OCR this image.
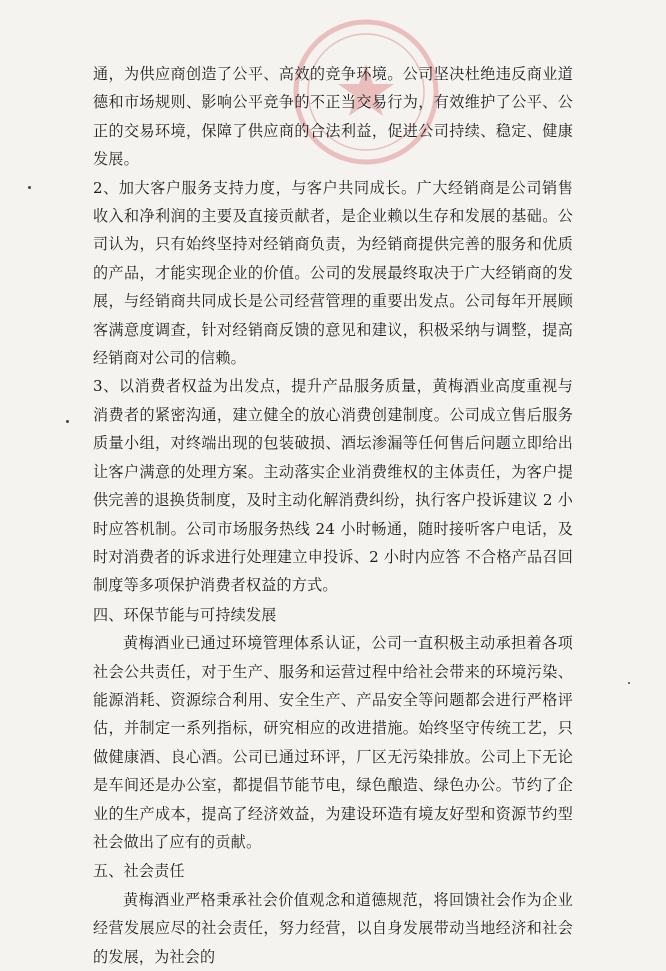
通，为供应商创造了公平、高效的竞争环境。公司坚决杜绝违反商业道德和市场规则、影响公平竞争的不正当交易行为，有效维护了公平、公正的交易环境，保障了供应商的合法利益，促进公司持续、稳定、健康发展。

2、加大客户服务支持力度，与客户共同成长。广大经销商是公司销售收入和净利润的主要及直接贡献者，是企业赖以生存和发展的基础。公司认为，只有始终坚持对经销商负责，为经销商提供完善的服务和优质的产品，才能实现企业的价值。公司的发展最终取决于广大经销商的发展，与经销商共同成长是公司经营管理的重要出发点。公司每年开展顾客满意度调查，针对经销商反馈的意见和建议，积极采纳与调整，提高经销商对公司的信赖。

3、以消费者权益为出发点，提升产品服务质量，黄梅酒业高度重视与消费者的紧密沟通，建立健全的放心消费创建制度。公司成立售后服务质量小组，对终端出现的包装破损、酒坛渗漏等任何售后问题立即给出让客户满意的处理方案。主动落实企业消费维权的主体责任，为客户提供完善的退换货制度，及时主动化解消费纠纷，执行客户投诉建议 2 小时应答机制。公司市场服务热线 24 小时畅通，随时接听客户电话，及时对消费者的诉求进行处理建立申投诉、2 小时内应答 不合格产品召回制度等多项保护消费者权益的方式。

四、环保节能与可持续发展

黄梅酒业已通过环境管理体系认证，公司一直积极主动承担着各项社会公共责任，对于生产、服务和运营过程中给社会带来的环境污染、能源消耗、资源综合利用、安全生产、产品安全等问题都会进行严格评估，并制定一系列指标，研究相应的改进措施。始终坚守传统工艺，只做健康酒、良心酒。公司已通过环评，厂区无污染排放。公司上下无论是车间还是办公室，都提倡节能节电，绿色酿造、绿色办公。节约了企业的生产成本，提高了经济效益，为建设环造有境友好型和资源节约型社会做出了应有的贡献。

五、社会责任

黄梅酒业严格秉承社会价值观念和道德规范，将回馈社会作为企业经营发展应尽的社会责任，努力经营，以自身发展带动当地经济和社会的发展，为社会的
